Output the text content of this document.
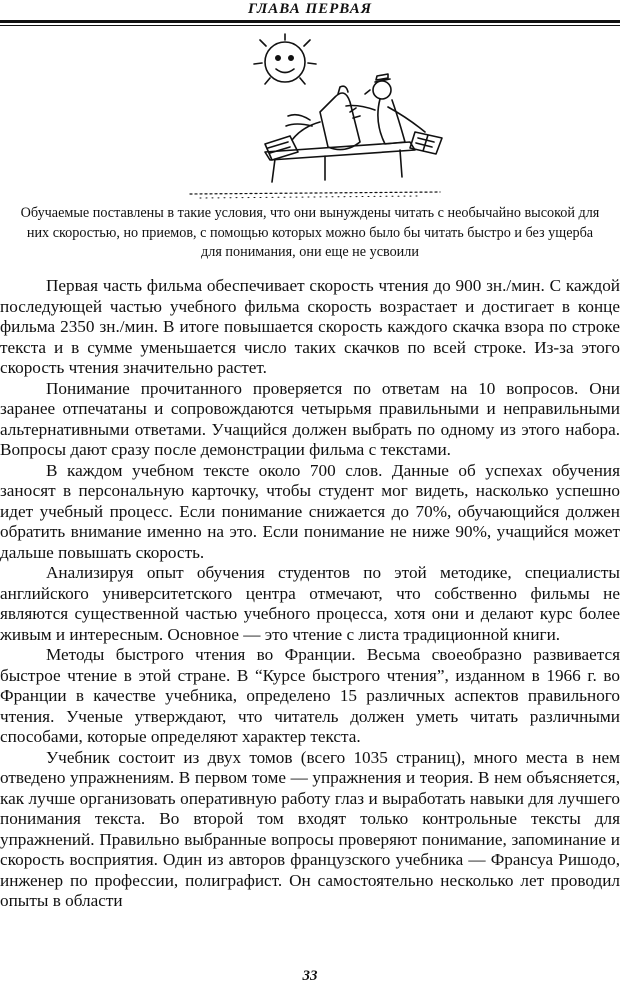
ГЛАВА ПЕРВАЯ
Обучаемые поставлены в такие условия, что они вынуждены читать с необычайно высокой для них скоростью, но приемов, с помощью которых можно было бы читать быстро и без ущерба для понимания, они еще не усвоили

Первая часть фильма обеспечивает скорость чтения до 900 зн./мин. С каждой последующей частью учебного фильма скорость возрастает и достигает в конце фильма 2350 зн./мин. В итоге повышается скорость каждого скачка взора по строке текста и в сумме уменьшается число таких скачков по всей строке. Из-за этого скорость чтения значительно растет.

Понимание прочитанного проверяется по ответам на 10 вопросов. Они заранее отпечатаны и сопровождаются четырьмя правильными и неправильными альтернативными ответами. Учащийся должен выбрать по одному из этого набора. Вопросы дают сразу после демонстрации фильма с текстами.

В каждом учебном тексте около 700 слов. Данные об успехах обучения заносят в персональную карточку, чтобы студент мог видеть, насколько успешно идет учебный процесс. Если понимание снижается до 70%, обучающийся должен обратить внимание именно на это. Если понимание не ниже 90%, учащийся может дальше повышать скорость.

Анализируя опыт обучения студентов по этой методике, специалисты английского университетского центра отмечают, что собственно фильмы не являются существенной частью учебного процесса, хотя они и делают курс более живым и интересным. Основное — это чтение с листа традиционной книги.

Методы быстрого чтения во Франции. Весьма своеобразно развивается быстрое чтение в этой стране. В “Курсе быстрого чтения”, изданном в 1966 г. во Франции в качестве учебника, определено 15 различных аспектов правильного чтения. Ученые утверждают, что читатель должен уметь читать различными способами, которые определяют характер текста.

Учебник состоит из двух томов (всего 1035 страниц), много места в нем отведено упражнениям. В первом томе — упражнения и теория. В нем объясняется, как лучше организовать оперативную работу глаз и выработать навыки для лучшего понимания текста. Во второй том входят только контрольные тексты для упражнений. Правильно выбранные вопросы проверяют понимание, запоминание и скорость восприятия. Один из авторов французского учебника — Франсуа Ришодо, инженер по профессии, полиграфист. Он самостоятельно несколько лет проводил опыты в области

33
